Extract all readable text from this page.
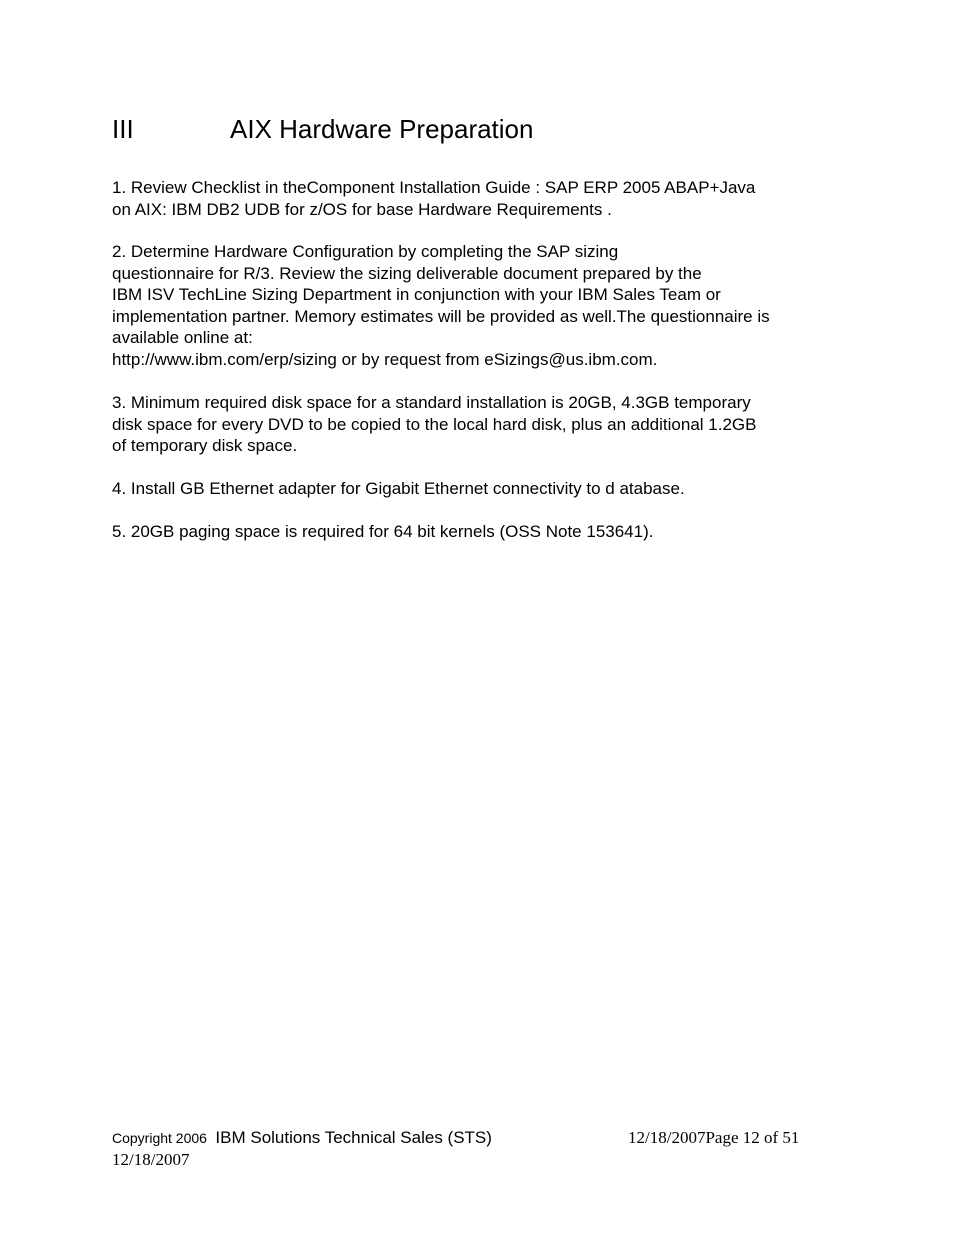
III	AIX Hardware Preparation

1. Review Checklist in theComponent Installation Guide : SAP ERP 2005 ABAP+Java

on AIX: IBM DB2 UDB for z/OS for base Hardware Requirements .

2. Determine Hardware Configuration by completing the SAP sizing

questionnaire for R/3. Review the sizing deliverable document prepared by the

IBM ISV TechLine Sizing Department in conjunction with your IBM Sales Team or

implementation partner. Memory estimates will be provided as well.The questionnaire is

available online at:

http://www.ibm.com/erp/sizing or by request from eSizings@us.ibm.com.

3. Minimum required disk space for a standard installation is 20GB, 4.3GB temporary

disk space for every DVD to be copied to the local hard disk, plus an additional 1.2GB

of temporary disk space.

4. Install GB Ethernet adapter for Gigabit Ethernet connectivity to d atabase.

5. 20GB paging space is required for 64 bit kernels (OSS Note 153641).

Copyright 2006 IBM Solutions Technical Sales (STS)	12/18/2007Page 12 of 51
12/18/2007
